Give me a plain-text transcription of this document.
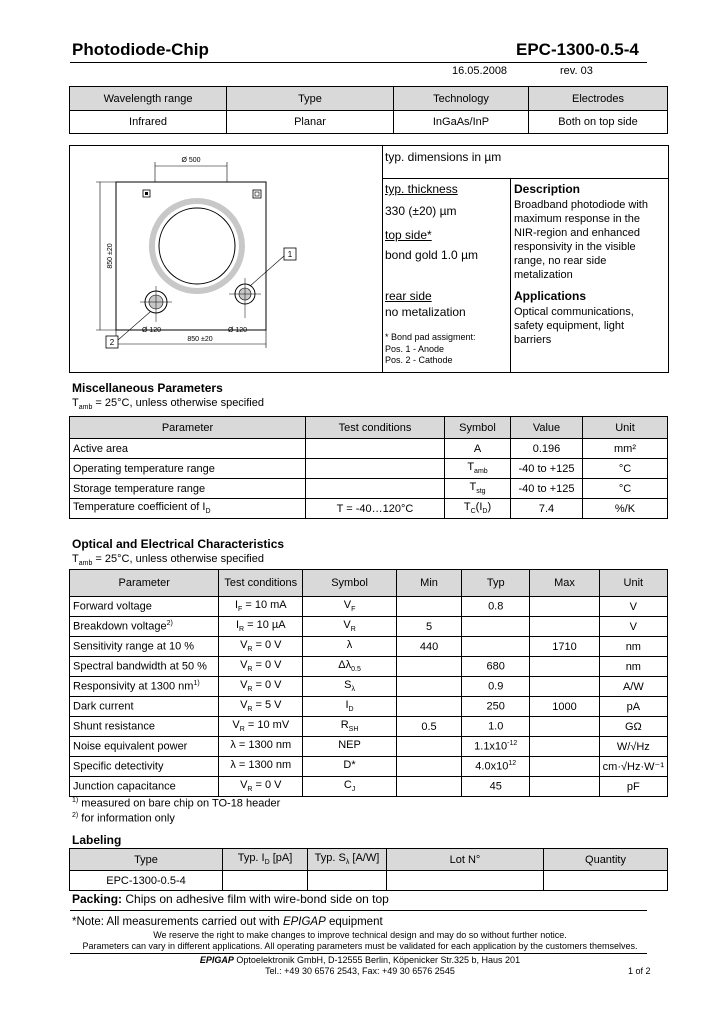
Photodiode-Chip	EPC-1300-0.5-4
16.05.2008	rev. 03
Wavelength range	Type	Technology	Electrodes
Infrared	Planar	InGaAs/InP	Both on top side
Ø 500
850 ±20
850 ±20
Ø 120	Ø 120
1
2
typ. dimensions in µm
typ. thickness
330 (±20) µm
top side*
bond gold 1.0 µm
rear side
no metalization
* Bond pad assigment:
Pos. 1 - Anode
Pos. 2 - Cathode
Description
Broadband photodiode with maximum response in the NIR-region and enhanced responsivity in the visible range, no rear side metalization
Applications
Optical communications, safety equipment, light barriers
Miscellaneous Parameters
$T_{amb} = 25^\circ C$, unless otherwise specified
Parameter	Test conditions	Symbol	Value	Unit
Active area		A	0.196	mm²
Operating temperature range		$T_{amb}$	-40 to +125	°C
Storage temperature range		$T_{stg}$	-40 to +125	°C
Temperature coefficient of $I_D$	T = -40…120°C	$T_C(I_D)$	7.4	%/K
Optical and Electrical Characteristics
$T_{amb} = 25^\circ C$, unless otherwise specified
Parameter	Test conditions	Symbol	Min	Typ	Max	Unit
Forward voltage	$I_F = 10$ mA	$V_F$		0.8		V
Breakdown voltage$^{2)}$	$I_R = 10$ µA	$V_R$	5			V
Sensitivity range at 10 %	$V_R = 0$ V	λ	440		1710	nm
Spectral bandwidth at 50 %	$V_R = 0$ V	$\Delta\lambda_{0.5}$		680		nm
Responsivity at 1300 $nm^{1)}$	$V_R = 0$ V	$S_\lambda$		0.9		A/W
Dark current	$V_R = 5$ V	$I_D$		250	1000	pA
Shunt resistance	$V_R = 10$ mV	$R_{SH}$	0.5	1.0		GΩ
Noise equivalent power	λ = 1300 nm	NEP		$1.1x10^{-12}$		W/√Hz
Specific detectivity	λ = 1300 nm	D*		$4.0x10^{12}$		cm·√Hz·W⁻¹
Junction capacitance	$V_R = 0$ V	$C_J$		45		pF
$^{1)}$ measured on bare chip on TO-18 header
$^{2)}$ for information only
Labeling
Type	Typ. $I_D$ [pA]	Typ. $S_\lambda$ [A/W]	Lot N°	Quantity
EPC-1300-0.5-4				
Packing: Chips on adhesive film with wire-bond side on top
*Note: All measurements carried out with EPIGAP equipment
We reserve the right to make changes to improve technical design and may do so without further notice.
Parameters can vary in different applications. All operating parameters must be validated for each application by the customers themselves.
EPIGAP Optoelektronik GmbH, D-12555 Berlin, Köpenicker Str.325 b, Haus 201
Tel.: +49 30 6576 2543, Fax: +49 30 6576 2545	1 of 2
